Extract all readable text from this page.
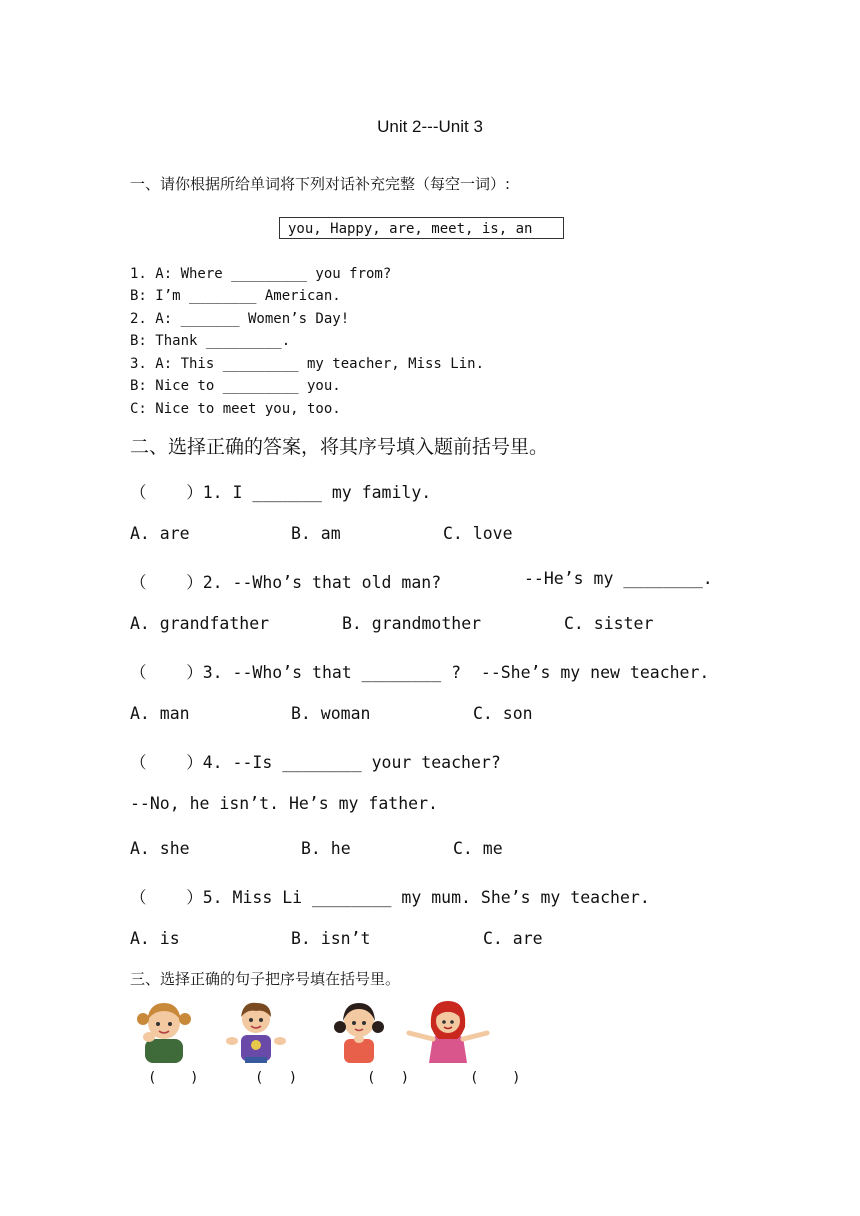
Unit 2---Unit 3
一、请你根据所给单词将下列对话补充完整（每空一词）:
you, Happy, are, meet, is, an
1. A: Where _________ you from?
B: I’m ________ American.
2. A: _______ Women’s Day!
B: Thank _________.
3. A: This _________ my teacher, Miss Lin.
B: Nice to _________ you.
C: Nice to meet you, too.
二、选择正确的答案，将其序号填入题前括号里。
（    ）1. I _______ my family.
A. are	B. am	C. love
（    ）2. --Who’s that old man?	--He’s my ________.
A. grandfather	B. grandmother	C. sister
（    ）3. --Who’s that ________ ?  --She’s my new teacher.
A. man	B. woman	C. son
（    ）4. --Is ________ your teacher?
--No, he isn’t. He’s my father.
A. she	B. he	C. me
（    ）5. Miss Li ________ my mum. She’s my teacher.
A. is	B. isn’t	C. are
三、选择正确的句子把序号填在括号里。
(    )	(   )	(   )	(    )
